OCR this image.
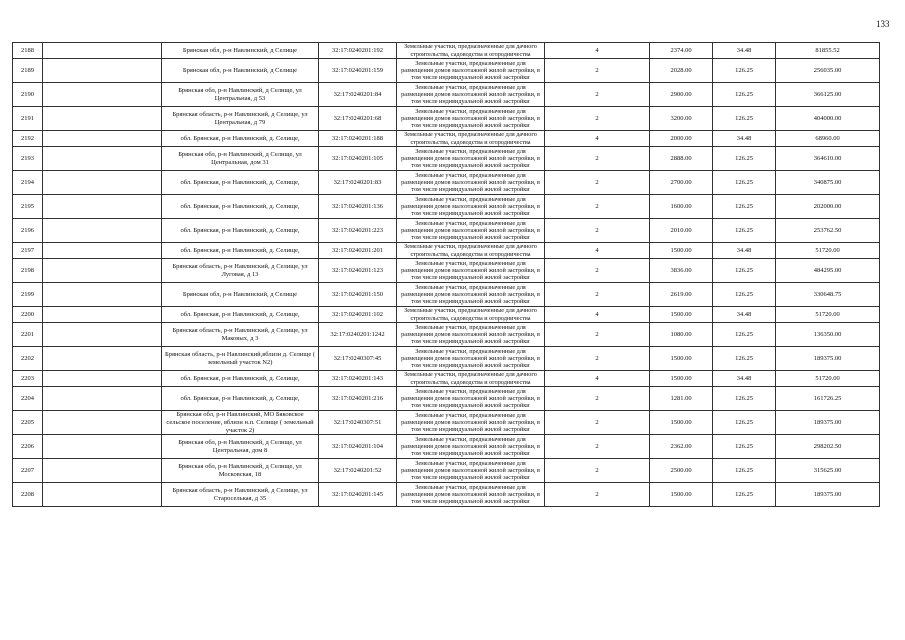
133
2188		Брянская обл, р-н Навлинский, д Селище	32:17:0240201:192	Земельные участки, предназначенные для дачного строительства, садоводства и огородничества	4	2374.00	34.48	81855.52
2189		Брянская обл, р-н Навлинский, д Селище	32:17:0240201:159	Земельные участки, предназначенные для размещения домов малоэтажной жилой застройки, в том числе индивидуальной жилой застройки	2	2028.00	126.25	256035.00
2190		Брянская обл, р-н Навлинский, д Селище, ул Центральная, д 53	32:17:0240201:84	Земельные участки, предназначенные для размещения домов малоэтажной жилой застройки, в том числе индивидуальной жилой застройки	2	2900.00	126.25	366125.00
2191		Брянская область, р-н Навлинский, д Селище, ул Центральная, д 79	32:17:0240201:68	Земельные участки, предназначенные для размещения домов малоэтажной жилой застройки, в том числе индивидуальной жилой застройки	2	3200.00	126.25	404000.00
2192		обл. Брянская, р-н Навлинский, д. Селище,	32:17:0240201:188	Земельные участки, предназначенные для дачного строительства, садоводства и огородничества	4	2000.00	34.48	68960.00
2193		Брянская обл, р-н Навлинский, д Селище, ул Центральная, дом 31	32:17:0240201:105	Земельные участки, предназначенные для размещения домов малоэтажной жилой застройки, в том числе индивидуальной жилой застройки	2	2888.00	126.25	364610.00
2194		обл. Брянская, р-н Навлинский, д. Селище,	32:17:0240201:83	Земельные участки, предназначенные для размещения домов малоэтажной жилой застройки, в том числе индивидуальной жилой застройки	2	2700.00	126.25	340875.00
2195		обл. Брянская, р-н Навлинский, д. Селище,	32:17:0240201:136	Земельные участки, предназначенные для размещения домов малоэтажной жилой застройки, в том числе индивидуальной жилой застройки	2	1600.00	126.25	202000.00
2196		обл. Брянская, р-н Навлинский, д. Селище,	32:17:0240201:223	Земельные участки, предназначенные для размещения домов малоэтажной жилой застройки, в том числе индивидуальной жилой застройки	2	2010.00	126.25	253762.50
2197		обл. Брянская, р-н Навлинский, д. Селище,	32:17:0240201:201	Земельные участки, предназначенные для дачного строительства, садоводства и огородничества	4	1500.00	34.48	51720.00
2198		Брянская область, р-н Навлинский, д Селище, ул Луговая, д 13	32:17:0240201:123	Земельные участки, предназначенные для размещения домов малоэтажной жилой застройки, в том числе индивидуальной жилой застройки	2	3836.00	126.25	484295.00
2199		Брянская обл, р-н Навлинский, д Селище	32:17:0240201:150	Земельные участки, предназначенные для размещения домов малоэтажной жилой застройки, в том числе индивидуальной жилой застройки	2	2619.00	126.25	330648.75
2200		обл. Брянская, р-н Навлинский, д. Селище,	32:17:0240201:102	Земельные участки, предназначенные для дачного строительства, садоводства и огородничества	4	1500.00	34.48	51720.00
2201		Брянская область, р-н Навлинский, д Селище, ул Маковых, д 3	32:17:0240201:1242	Земельные участки, предназначенные для размещения домов малоэтажной жилой застройки, в том числе индивидуальной жилой застройки	2	1080.00	126.25	136350.00
2202		Брянская область, р-н Навлинский,вблизи д. Селище ( земельный участок N2)	32:17:0240307:45	Земельные участки, предназначенные для размещения домов малоэтажной жилой застройки, в том числе индивидуальной жилой застройки	2	1500.00	126.25	189375.00
2203		обл. Брянская, р-н Навлинский, д. Селище,	32:17:0240201:143	Земельные участки, предназначенные для дачного строительства, садоводства и огородничества	4	1500.00	34.48	51720.00
2204		обл. Брянская, р-н Навлинский, д. Селище,	32:17:0240201:216	Земельные участки, предназначенные для размещения домов малоэтажной жилой застройки, в том числе индивидуальной жилой застройки	2	1281.00	126.25	161726.25
2205		Брянская обл, р-н Навлинский, МО Бяковское сельское поселение, вблизи н.п. Селище ( земельный участок 2)	32:17:0240307:51	Земельные участки, предназначенные для размещения домов малоэтажной жилой застройки, в том числе индивидуальной жилой застройки	2	1500.00	126.25	189375.00
2206		Брянская обл, р-н Навлинский, д Селище, ул Центральная, дом 8	32:17:0240201:104	Земельные участки, предназначенные для размещения домов малоэтажной жилой застройки, в том числе индивидуальной жилой застройки	2	2362.00	126.25	298202.50
2207		Брянская обл, р-н Навлинский, д Селище, ул Московская, 18	32:17:0240201:52	Земельные участки, предназначенные для размещения домов малоэтажной жилой застройки, в том числе индивидуальной жилой застройки	2	2500.00	126.25	315625.00
2208		Брянская область, р-н Навлинский, д Селище, ул Староселькая, д 35	32:17:0240201:145	Земельные участки, предназначенные для размещения домов малоэтажной жилой застройки, в том числе индивидуальной жилой застройки	2	1500.00	126.25	189375.00
